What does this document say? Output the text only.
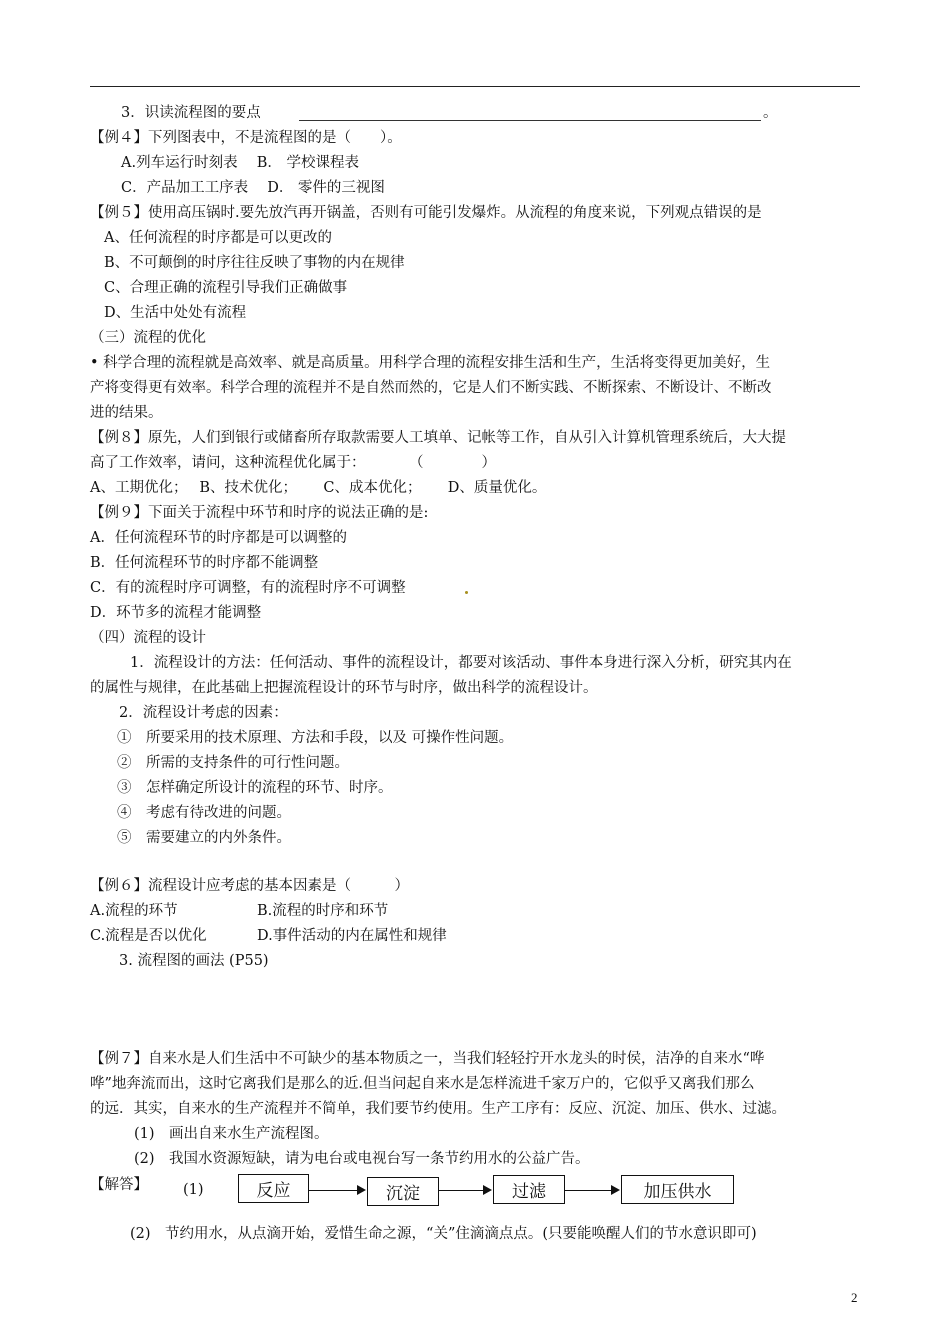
3．识读流程图的要点	。
【例４】下列图表中，不是流程图的是（　　）。
A.列车运行时刻表　 B． 学校课程表
C．产品加工工序表　 D． 零件的三视图
【例５】使用高压锅时.要先放汽再开锅盖，否则有可能引发爆炸。从流程的角度来说，下列观点错误的是
A、任何流程的时序都是可以更改的
B、不可颠倒的时序往往反映了事物的内在规律
C、合理正确的流程引导我们正确做事
D、生活中处处有流程
（三）流程的优化
• 科学合理的流程就是高效率、就是高质量。用科学合理的流程安排生活和生产，生活将变得更加美好，生
产将变得更有效率。科学合理的流程并不是自然而然的，它是人们不断实践、不断探索、不断设计、不断改
进的结果。
【例８】原先，人们到银行或储畜所存取款需要人工填单、记帐等工作，自从引入计算机管理系统后，大大提
高了工作效率，请问，这种流程优化属于：　　　　（　　　　）
A、工期优化；　 B、技术优化；　　 C、成本优化；　　 D、质量优化。
【例９】下面关于流程中环节和时序的说法正确的是:
A．任何流程环节的时序都是可以调整的
B．任何流程环节的时序都不能调整
C．有的流程时序可调整，有的流程时序不可调整
D．环节多的流程才能调整
（四）流程的设计
1．流程设计的方法：任何活动、事件的流程设计，都要对该活动、事件本身进行深入分析，研究其内在
的属性与规律，在此基础上把握流程设计的环节与时序，做出科学的流程设计。
2．流程设计考虑的因素：
①　所要采用的技术原理、方法和手段，以及 可操作性问题。
②　所需的支持条件的可行性问题。
③　怎样确定所设计的流程的环节、时序。
④　考虑有待改进的问题。
⑤　需要建立的内外条件。
【例６】流程设计应考虑的基本因素是（　　　）
A.流程的环节	B.流程的时序和环节
C.流程是否以优化	D.事件活动的内在属性和规律
3. 流程图的画法 (P55)
【例７】自来水是人们生活中不可缺少的基本物质之一，当我们轻轻拧开水龙头的时侯，洁净的自来水“哗
哗”地奔流而出，这时它离我们是那么的近.但当问起自来水是怎样流进千家万户的，它似乎又离我们那么
的远．其实，自来水的生产流程并不简单，我们要节约使用。生产工序有：反应、沉淀、加压、供水、过滤。
(1)　画出自来水生产流程图。
(2)　我国水资源短缺，请为电台或电视台写一条节约用水的公益广告。
【解答】 (1)	反应	沉淀	过滤	加压供水
(2)　节约用水，从点滴开始，爱惜生命之源，“关”住滴滴点点。(只要能唤醒人们的节水意识即可)
2
